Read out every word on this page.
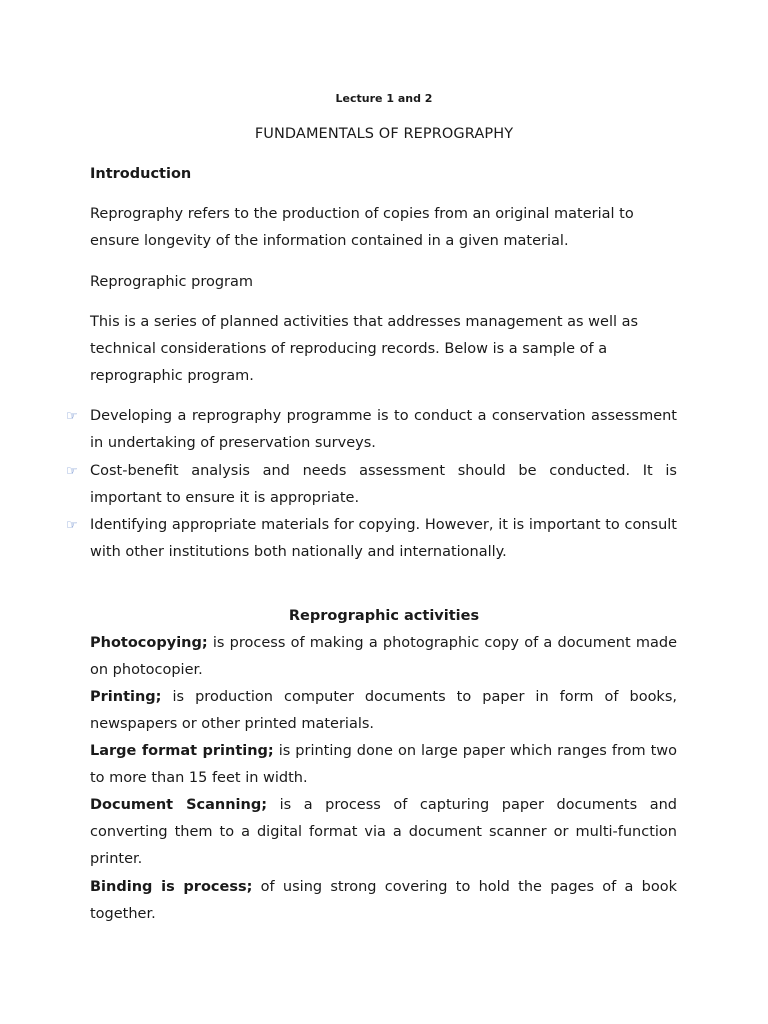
Lecture 1 and 2
FUNDAMENTALS OF REPROGRAPHY
Introduction
Reprography refers to the production of copies from an original material to ensure longevity of the information contained in a given material.
Reprographic program
This is a series of planned activities that addresses management as well as technical considerations of reproducing records. Below is a sample of a reprographic program.
☞ Developing a reprography programme is to conduct a conservation assessment in undertaking of preservation surveys.
☞ Cost-benefit analysis and needs assessment should be conducted. It is important to ensure it is appropriate.
☞ Identifying appropriate materials for copying. However, it is important to consult with other institutions both nationally and internationally.
Reprographic activities
Photocopying; is process of making a photographic copy of a document made on photocopier.
Printing; is production computer documents to paper in form of books, newspapers or other printed materials.
Large format printing; is printing done on large paper which ranges from two to more than 15 feet in width.
Document Scanning; is a process of capturing paper documents and converting them to a digital format via a document scanner or multi-function printer.
Binding is process; of using strong covering to hold the pages of a book together.
